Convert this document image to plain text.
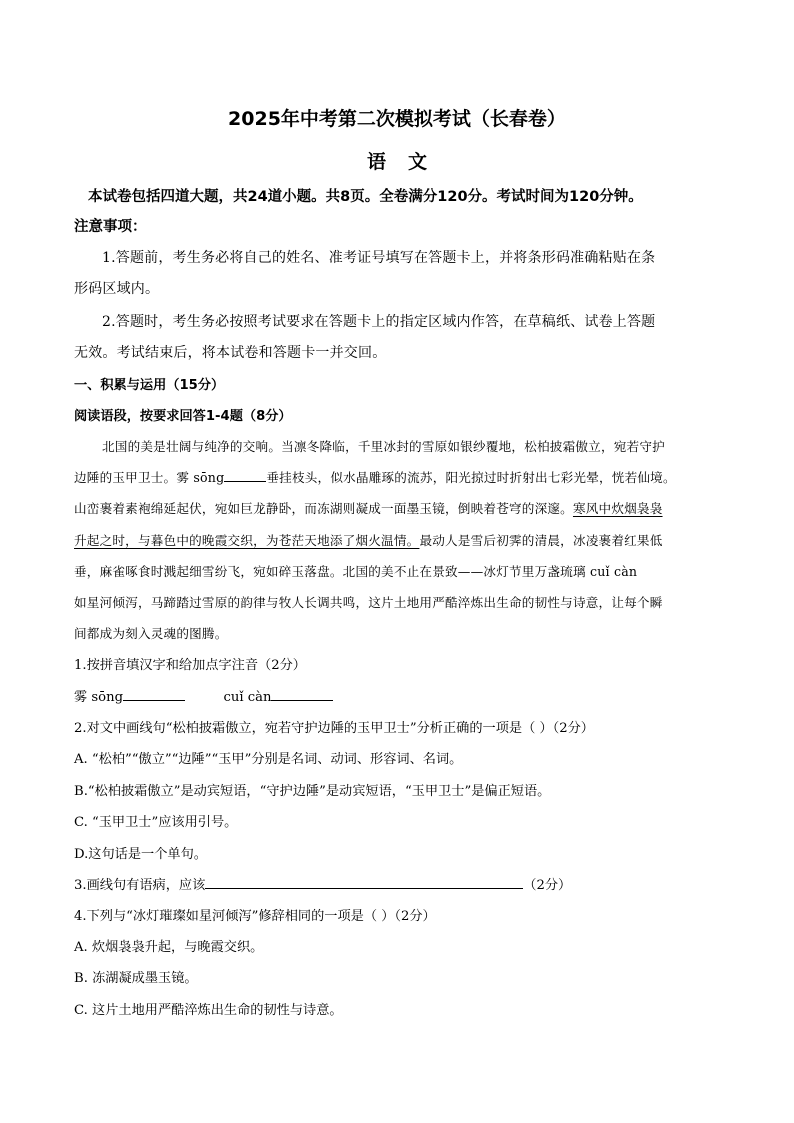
2025年中考第二次模拟考试（长春卷）
语文
本试卷包括四道大题，共24道小题。共8页。全卷满分120分。考试时间为120分钟。
注意事项：
1.答题前，考生务必将自己的姓名、准考证号填写在答题卡上，并将条形码准确粘贴在条
形码区域内。
2.答题时，考生务必按照考试要求在答题卡上的指定区域内作答，在草稿纸、试卷上答题
无效。考试结束后，将本试卷和答题卡一并交回。
一、积累与运用（15分）
阅读语段，按要求回答1-4题（8分）
北国的美是壮阔与纯净的交响。当凛冬降临，千里冰封的雪原如银纱覆地，松柏披霜傲立，宛若守护
边陲的玉甲卫士。雾 sōng	垂挂枝头，似水晶雕琢的流苏，阳光掠过时折射出七彩光晕，恍若仙境。
山峦裹着素袍绵延起伏，宛如巨龙静卧，而冻湖则凝成一面墨玉镜，倒映着苍穹的深邃。寒风中炊烟袅袅
升起之时，与暮色中的晚霞交织，为苍茫天地添了烟火温情。最动人是雪后初霁的清晨，冰凌裹着红果低
垂，麻雀啄食时溅起细雪纷飞，宛如碎玉落盘。北国的美不止在景致——冰灯节里万盏琉璃 cuǐ càn
如星河倾泻，马蹄踏过雪原的韵律与牧人长调共鸣，这片土地用严酷淬炼出生命的韧性与诗意，让每个瞬
间都成为刻入灵魂的图腾。
1.按拼音填汉字和给加点字注音（2分）
雾 sōng	cuǐ càn
2.对文中画线句“松柏披霜傲立，宛若守护边陲的玉甲卫士”分析正确的一项是（ ）（2分）
A. “松柏”“傲立”“边陲”“玉甲”分别是名词、动词、形容词、名词。
B.“松柏披霜傲立”是动宾短语，“守护边陲”是动宾短语，“玉甲卫士”是偏正短语。
C. “玉甲卫士”应该用引号。
D.这句话是一个单句。
3.画线句有语病，应该	（2分）
4.下列与“冰灯璀璨如星河倾泻”修辞相同的一项是（ ）（2分）
A. 炊烟袅袅升起，与晚霞交织。
B. 冻湖凝成墨玉镜。
C. 这片土地用严酷淬炼出生命的韧性与诗意。
